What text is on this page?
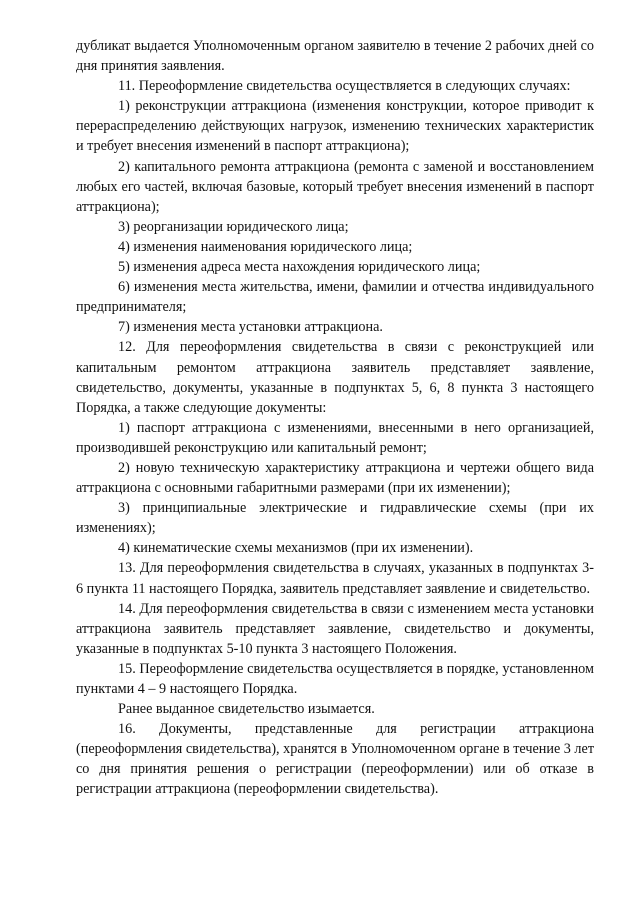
дубликат выдается Уполномоченным органом заявителю в течение 2 рабочих дней со дня принятия заявления.

11. Переоформление свидетельства осуществляется в следующих случаях:

1) реконструкции аттракциона (изменения конструкции, которое приводит к перераспределению действующих нагрузок, изменению технических характеристик и требует внесения изменений в паспорт аттракциона);

2) капитального ремонта аттракциона (ремонта с заменой и восстановлением любых его частей, включая базовые, который требует внесения изменений в паспорт аттракциона);

3) реорганизации юридического лица;

4) изменения наименования юридического лица;

5) изменения адреса места нахождения юридического лица;

6) изменения места жительства, имени, фамилии и отчества индивидуального предпринимателя;

7) изменения места установки аттракциона.

12. Для переоформления свидетельства в связи с реконструкцией или капитальным ремонтом аттракциона заявитель представляет заявление, свидетельство, документы, указанные в подпунктах 5, 6, 8 пункта 3 настоящего Порядка, а также следующие документы:

1) паспорт аттракциона с изменениями, внесенными в него организацией, производившей реконструкцию или капитальный ремонт;

2) новую техническую характеристику аттракциона и чертежи общего вида аттракциона с основными габаритными размерами (при их изменении);

3) принципиальные электрические и гидравлические схемы (при их изменениях);

4) кинематические схемы механизмов (при их изменении).

13. Для переоформления свидетельства в случаях, указанных в подпунктах 3-6 пункта 11 настоящего Порядка, заявитель представляет заявление и свидетельство.

14. Для переоформления свидетельства в связи с изменением места установки аттракциона заявитель представляет заявление, свидетельство и документы, указанные в подпунктах 5-10 пункта 3 настоящего Положения.

15. Переоформление свидетельства осуществляется в порядке, установленном пунктами 4 – 9 настоящего Порядка.

Ранее выданное свидетельство изымается.

16. Документы, представленные для регистрации аттракциона (переоформления свидетельства), хранятся в Уполномоченном органе в течение 3 лет со дня принятия решения о регистрации (переоформлении) или об отказе в регистрации аттракциона (переоформлении свидетельства).
